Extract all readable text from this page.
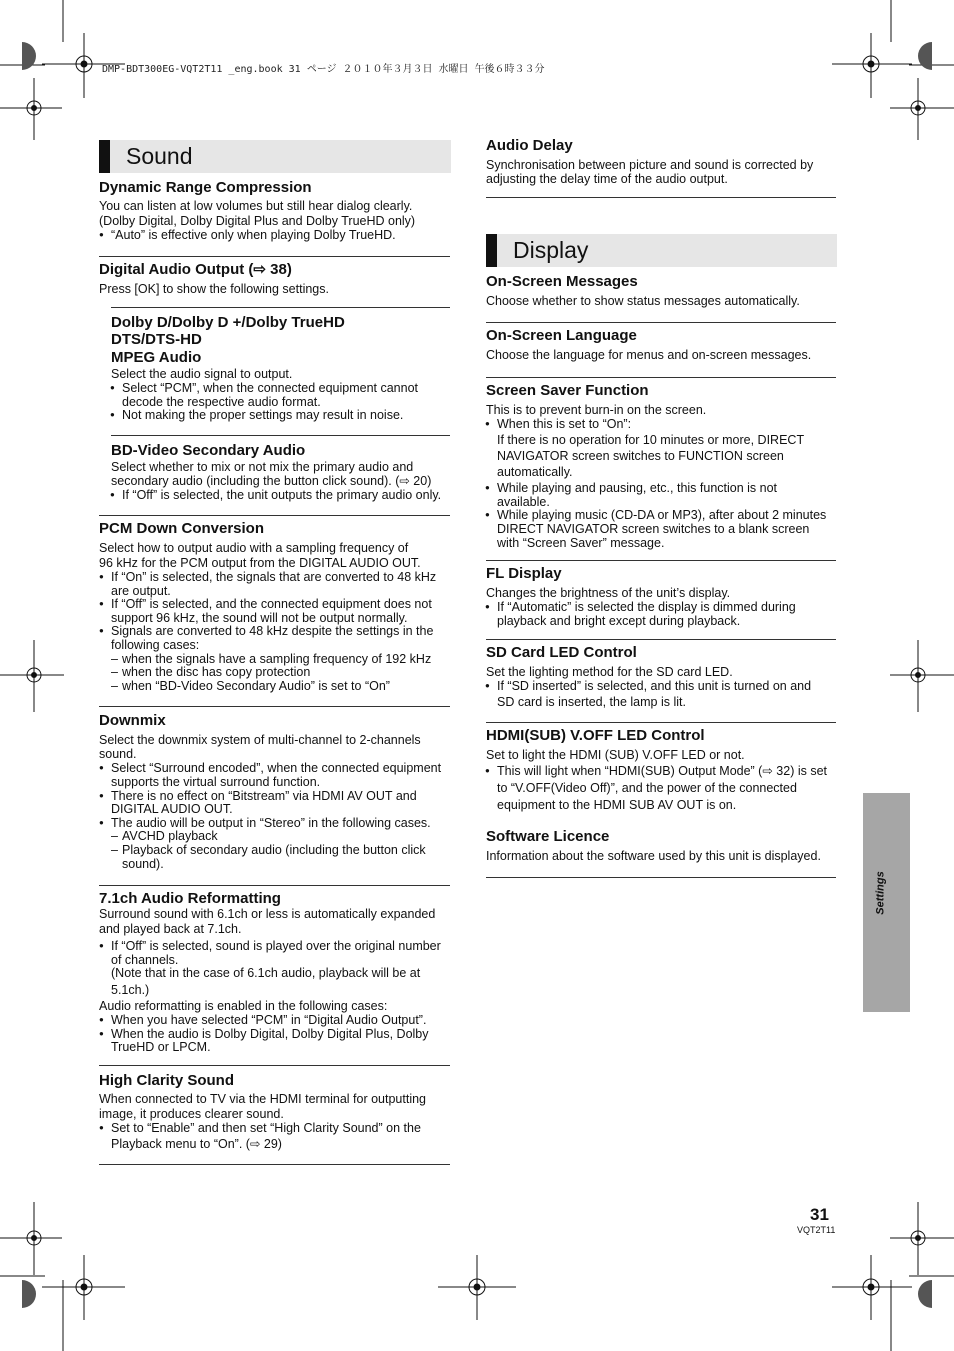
DMP-BDT300EG-VQT2T11 _eng.book 31 ページ ２０１０年３月３日 水曜日 午後６時３３分
Sound
Dynamic Range Compression
You can listen at low volumes but still hear dialog clearly.
(Dolby Digital, Dolby Digital Plus and Dolby TrueHD only)
● “Auto” is effective only when playing Dolby TrueHD.
Digital Audio Output (⇨ 38)
Press [OK] to show the following settings.
Dolby D/Dolby D +/Dolby TrueHD
DTS/DTS-HD
MPEG Audio
Select the audio signal to output.
● Select “PCM”, when the connected equipment cannot
decode the respective audio format.
● Not making the proper settings may result in noise.
BD-Video Secondary Audio
Select whether to mix or not mix the primary audio and
secondary audio (including the button click sound). (⇨ 20)
● If “Off” is selected, the unit outputs the primary audio only.
PCM Down Conversion
Select how to output audio with a sampling frequency of
96 kHz for the PCM output from the DIGITAL AUDIO OUT.
● If “On” is selected, the signals that are converted to 48 kHz
are output.
● If “Off” is selected, and the connected equipment does not
support 96 kHz, the sound will not be output normally.
● Signals are converted to 48 kHz despite the settings in the
following cases:
– when the signals have a sampling frequency of 192 kHz
– when the disc has copy protection
– when “BD-Video Secondary Audio” is set to “On”
Downmix
Select the downmix system of multi-channel to 2-channels
sound.
● Select “Surround encoded”, when the connected equipment
supports the virtual surround function.
● There is no effect on “Bitstream” via HDMI AV OUT and
DIGITAL AUDIO OUT.
● The audio will be output in “Stereo” in the following cases.
– AVCHD playback
– Playback of secondary audio (including the button click
sound).
7.1ch Audio Reformatting
Surround sound with 6.1ch or less is automatically expanded
and played back at 7.1ch.
● If “Off” is selected, sound is played over the original number
of channels.
(Note that in the case of 6.1ch audio, playback will be at
5.1ch.)
Audio reformatting is enabled in the following cases:
● When you have selected “PCM” in “Digital Audio Output”.
● When the audio is Dolby Digital, Dolby Digital Plus, Dolby
TrueHD or LPCM.
High Clarity Sound
When connected to TV via the HDMI terminal for outputting
image, it produces clearer sound.
● Set to “Enable” and then set “High Clarity Sound” on the
Playback menu to “On”. (⇨ 29)
Audio Delay
Synchronisation between picture and sound is corrected by
adjusting the delay time of the audio output.
Display
On-Screen Messages
Choose whether to show status messages automatically.
On-Screen Language
Choose the language for menus and on-screen messages.
Screen Saver Function
This is to prevent burn-in on the screen.
● When this is set to “On”:
If there is no operation for 10 minutes or more, DIRECT
NAVIGATOR screen switches to FUNCTION screen
automatically.
● While playing and pausing, etc., this function is not
available.
● While playing music (CD-DA or MP3), after about 2 minutes
DIRECT NAVIGATOR screen switches to a blank screen
with “Screen Saver” message.
FL Display
Changes the brightness of the unit’s display.
● If “Automatic” is selected the display is dimmed during
playback and bright except during playback.
SD Card LED Control
Set the lighting method for the SD card LED.
● If “SD inserted” is selected, and this unit is turned on and
SD card is inserted, the lamp is lit.
HDMI(SUB) V.OFF LED Control
Set to light the HDMI (SUB) V.OFF LED or not.
● This will light when “HDMI(SUB) Output Mode” (⇨ 32) is set
to “V.OFF(Video Off)”, and the power of the connected
equipment to the HDMI SUB AV OUT is on.
Software Licence
Information about the software used by this unit is displayed.
Settings
31
VQT2T11
